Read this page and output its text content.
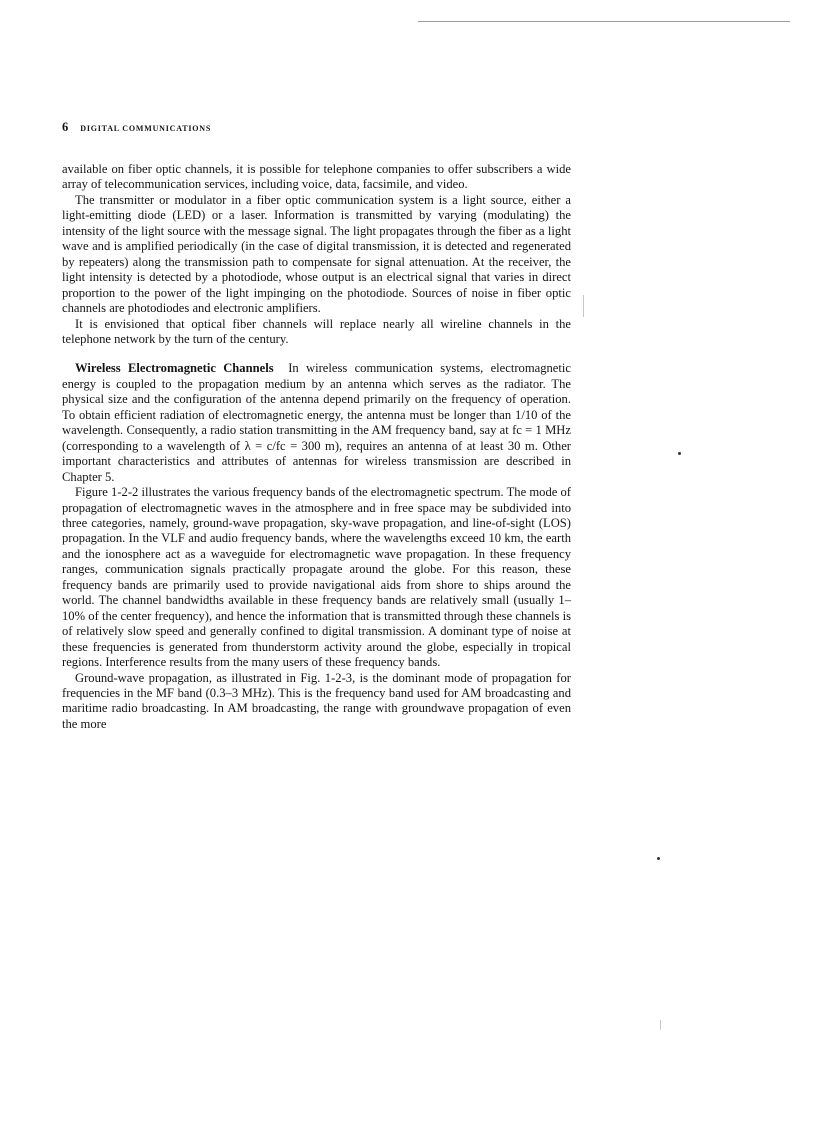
6 DIGITAL COMMUNICATIONS

available on fiber optic channels, it is possible for telephone companies to offer subscribers a wide array of telecommunication services, including voice, data, facsimile, and video.

The transmitter or modulator in a fiber optic communication system is a light source, either a light-emitting diode (LED) or a laser. Information is transmitted by varying (modulating) the intensity of the light source with the message signal. The light propagates through the fiber as a light wave and is amplified periodically (in the case of digital transmission, it is detected and regenerated by repeaters) along the transmission path to compensate for signal attenuation. At the receiver, the light intensity is detected by a photodiode, whose output is an electrical signal that varies in direct proportion to the power of the light impinging on the photodiode. Sources of noise in fiber optic channels are photodiodes and electronic amplifiers.

It is envisioned that optical fiber channels will replace nearly all wireline channels in the telephone network by the turn of the century.

Wireless Electromagnetic Channels In wireless communication systems, electromagnetic energy is coupled to the propagation medium by an antenna which serves as the radiator. The physical size and the configuration of the antenna depend primarily on the frequency of operation. To obtain efficient radiation of electromagnetic energy, the antenna must be longer than 1/10 of the wavelength. Consequently, a radio station transmitting in the AM frequency band, say at fc = 1 MHz (corresponding to a wavelength of λ = c/fc = 300 m), requires an antenna of at least 30 m. Other important characteristics and attributes of antennas for wireless transmission are described in Chapter 5.

Figure 1-2-2 illustrates the various frequency bands of the electromagnetic spectrum. The mode of propagation of electromagnetic waves in the atmosphere and in free space may be subdivided into three categories, namely, ground-wave propagation, sky-wave propagation, and line-of-sight (LOS) propagation. In the VLF and audio frequency bands, where the wavelengths exceed 10 km, the earth and the ionosphere act as a waveguide for electromagnetic wave propagation. In these frequency ranges, communication signals practically propagate around the globe. For this reason, these frequency bands are primarily used to provide navigational aids from shore to ships around the world. The channel bandwidths available in these frequency bands are relatively small (usually 1–10% of the center frequency), and hence the information that is transmitted through these channels is of relatively slow speed and generally confined to digital transmission. A dominant type of noise at these frequencies is generated from thunderstorm activity around the globe, especially in tropical regions. Interference results from the many users of these frequency bands.

Ground-wave propagation, as illustrated in Fig. 1-2-3, is the dominant mode of propagation for frequencies in the MF band (0.3–3 MHz). This is the frequency band used for AM broadcasting and maritime radio broadcasting. In AM broadcasting, the range with groundwave propagation of even the more
